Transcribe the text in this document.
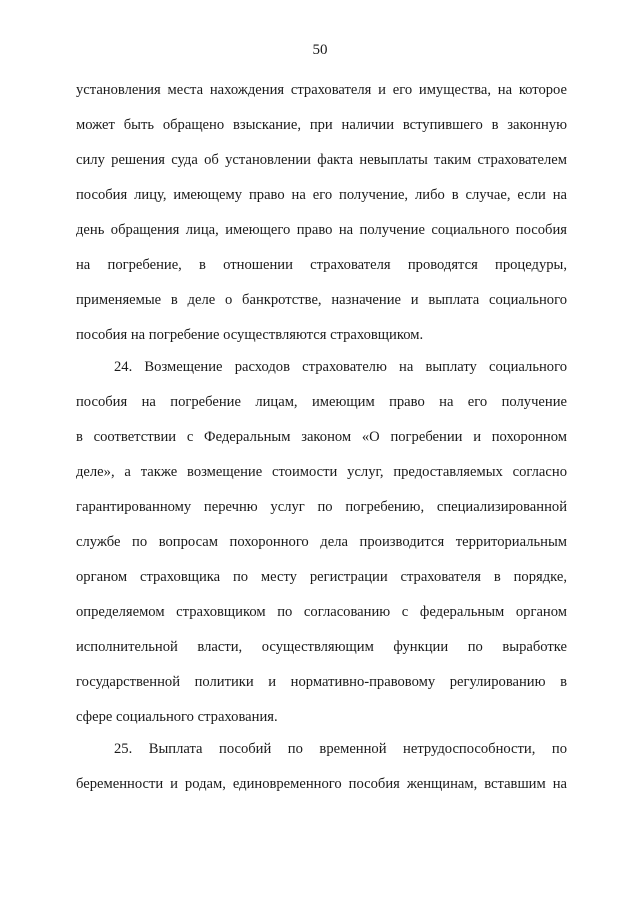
50
установления места нахождения страхователя и его имущества, на которое
может быть обращено взыскание, при наличии вступившего в законную
силу решения суда об установлении факта невыплаты таким страхователем
пособия лицу, имеющему право на его получение, либо в случае, если на
день обращения лица, имеющего право на получение социального пособия
на погребение, в отношении страхователя проводятся процедуры,
применяемые в деле о банкротстве, назначение и выплата социального
пособия на погребение осуществляются страховщиком.
24. Возмещение расходов страхователю на выплату социального
пособия на погребение лицам, имеющим право на его получение
в соответствии с Федеральным законом «О погребении и похоронном
деле», а также возмещение стоимости услуг, предоставляемых согласно
гарантированному перечню услуг по погребению, специализированной
службе по вопросам похоронного дела производится территориальным
органом страховщика по месту регистрации страхователя в порядке,
определяемом страховщиком по согласованию с федеральным органом
исполнительной власти, осуществляющим функции по выработке
государственной политики и нормативно-правовому регулированию в
сфере социального страхования.
25. Выплата пособий по временной нетрудоспособности, по
беременности и родам, единовременного пособия женщинам, вставшим на
